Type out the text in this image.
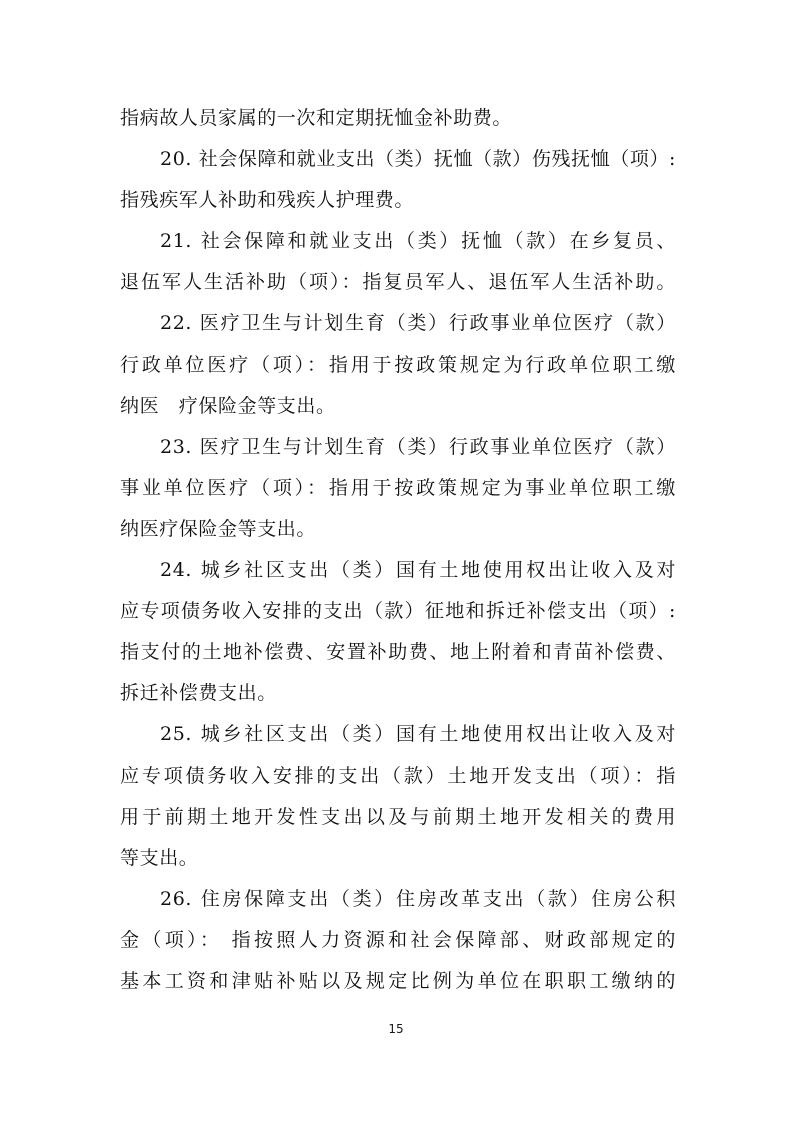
指病故人员家属的一次和定期抚恤金补助费。
20. 社会保障和就业支出（类）抚恤（款）伤残抚恤（项）:
指残疾军人补助和残疾人护理费。
21. 社会保障和就业支出（类）抚恤（款）在乡复员、
退伍军人生活补助（项）：指复员军人、退伍军人生活补助。
22. 医疗卫生与计划生育（类）行政事业单位医疗（款）
行政单位医疗（项）：指用于按政策规定为行政单位职工缴
纳医　疗保险金等支出。
23. 医疗卫生与计划生育（类）行政事业单位医疗（款）
事业单位医疗（项）：指用于按政策规定为事业单位职工缴
纳医疗保险金等支出。
24. 城乡社区支出（类）国有土地使用权出让收入及对
应专项债务收入安排的支出（款）征地和拆迁补偿支出（项）:
指支付的土地补偿费、安置补助费、地上附着和青苗补偿费、
拆迁补偿费支出。
25. 城乡社区支出（类）国有土地使用权出让收入及对
应专项债务收入安排的支出（款）土地开发支出（项）：指
用于前期土地开发性支出以及与前期土地开发相关的费用
等支出。
26. 住房保障支出（类）住房改革支出（款）住房公积
金（项）： 指按照人力资源和社会保障部、财政部规定的
基本工资和津贴补贴以及规定比例为单位在职职工缴纳的
15
